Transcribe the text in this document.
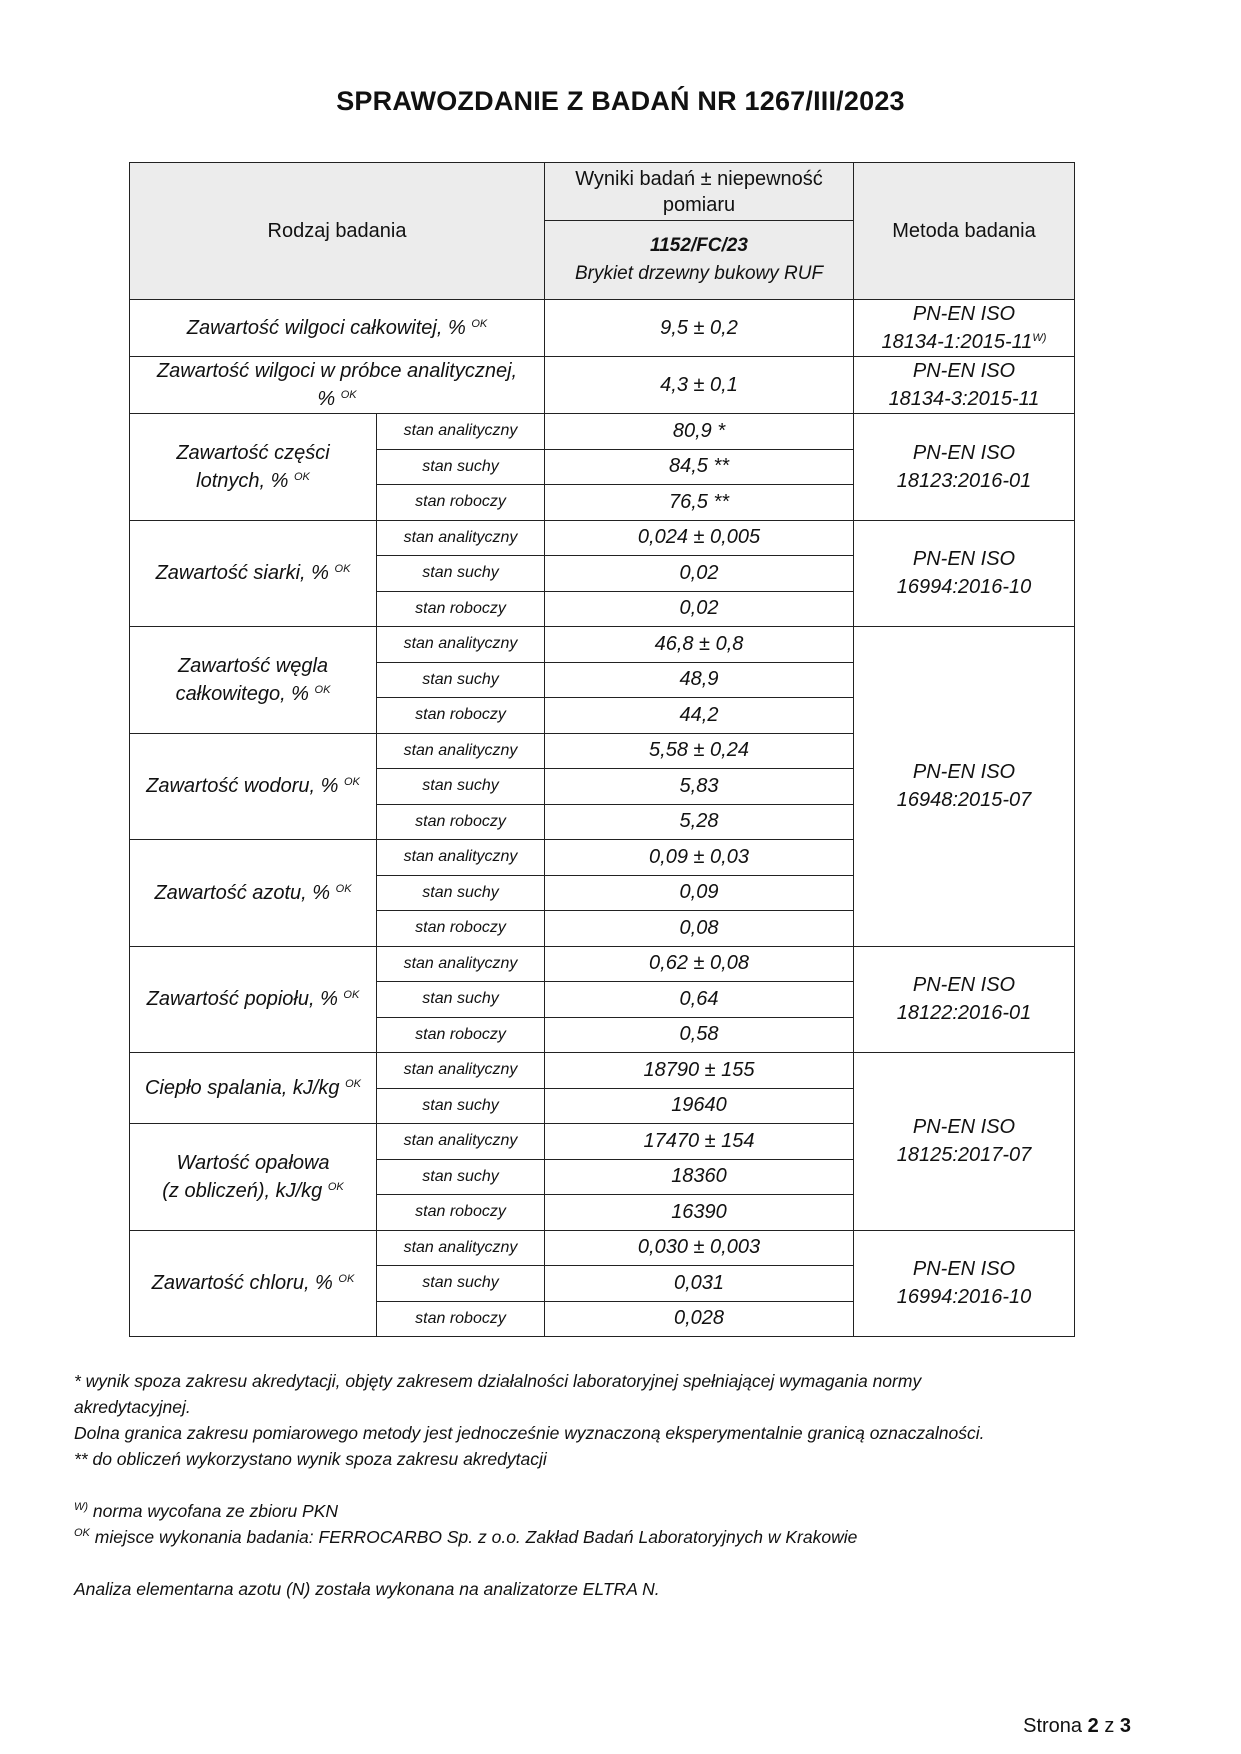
SPRAWOZDANIE Z BADAŃ NR 1267/III/2023
Rodzaj badania		Wyniki badań ± niepewność pomiaru	Metoda badania
		1152/FC/23
Brykiet drzewny bukowy RUF	
Zawartość wilgoci całkowitej, % $^{OK}$		9,5 ± 0,2	PN-EN ISO
$18134-1:2015-11^{W)}$
Zawartość wilgoci w próbce analitycznej,
% $^{OK}$		4,3 ± 0,1	PN-EN ISO
18134-3:2015-11
Zawartość części
lotnych, % $^{OK}$	stan analityczny	80,9 *	PN-EN ISO
18123:2016-01
	stan suchy	84,5 **	
	stan roboczy	76,5 **	
Zawartość siarki, % $^{OK}$	stan analityczny	0,024 ± 0,005	PN-EN ISO
16994:2016-10
	stan suchy	0,02	
	stan roboczy	0,02	
Zawartość węgla
całkowitego, % $^{OK}$	stan analityczny	46,8 ± 0,8	PN-EN ISO
16948:2015-07
	stan suchy	48,9	
	stan roboczy	44,2	
Zawartość wodoru, % $^{OK}$	stan analityczny	5,58 ± 0,24	
	stan suchy	5,83	
	stan roboczy	5,28	
Zawartość azotu, % $^{OK}$	stan analityczny	0,09 ± 0,03	
	stan suchy	0,09	
	stan roboczy	0,08	
Zawartość popiołu, % $^{OK}$	stan analityczny	0,62 ± 0,08	PN-EN ISO
18122:2016-01
	stan suchy	0,64	
	stan roboczy	0,58	
Ciepło spalania, kJ/kg $^{OK}$	stan analityczny	18790 ± 155	PN-EN ISO
18125:2017-07
	stan suchy	19640	
Wartość opałowa
(z obliczeń), kJ/kg $^{OK}$	stan analityczny	17470 ± 154	
	stan suchy	18360	
	stan roboczy	16390	
Zawartość chloru, % $^{OK}$	stan analityczny	0,030 ± 0,003	PN-EN ISO
16994:2016-10
	stan suchy	0,031	
	stan roboczy	0,028	

* wynik spoza zakresu akredytacji, objęty zakresem działalności laboratoryjnej spełniającej wymagania normy
akredytacyjnej.

Dolna granica zakresu pomiarowego metody jest jednocześnie wyznaczoną eksperymentalnie granicą oznaczalności.

** do obliczeń wykorzystano wynik spoza zakresu akredytacji

$^{W)}$ norma wycofana ze zbioru PKN

$^{OK}$ miejsce wykonania badania: FERROCARBO Sp. z o.o. Zakład Badań Laboratoryjnych w Krakowie

Analiza elementarna azotu (N) została wykonana na analizatorze ELTRA N.

Strona 2 z 3
